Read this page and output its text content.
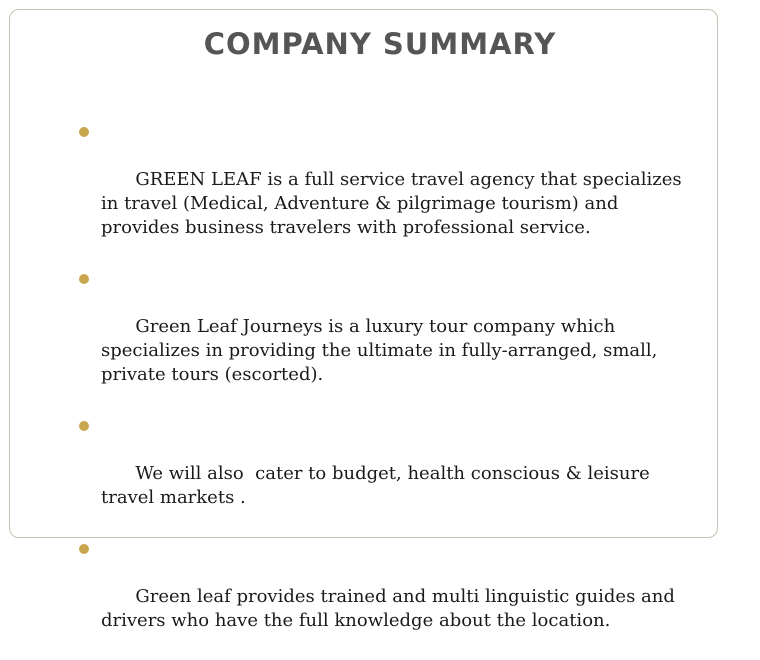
COMPANY SUMMARY

GREEN LEAF is a full service travel agency that specializes in travel (Medical, Adventure & pilgrimage tourism) and provides business travelers with professional service.

Green Leaf Journeys is a luxury tour company which specializes in providing the ultimate in fully-arranged, small, private tours (escorted).

We will also  cater to budget, health conscious & leisure travel markets .

Green leaf provides trained and multi linguistic guides and drivers who have the full knowledge about the location.
